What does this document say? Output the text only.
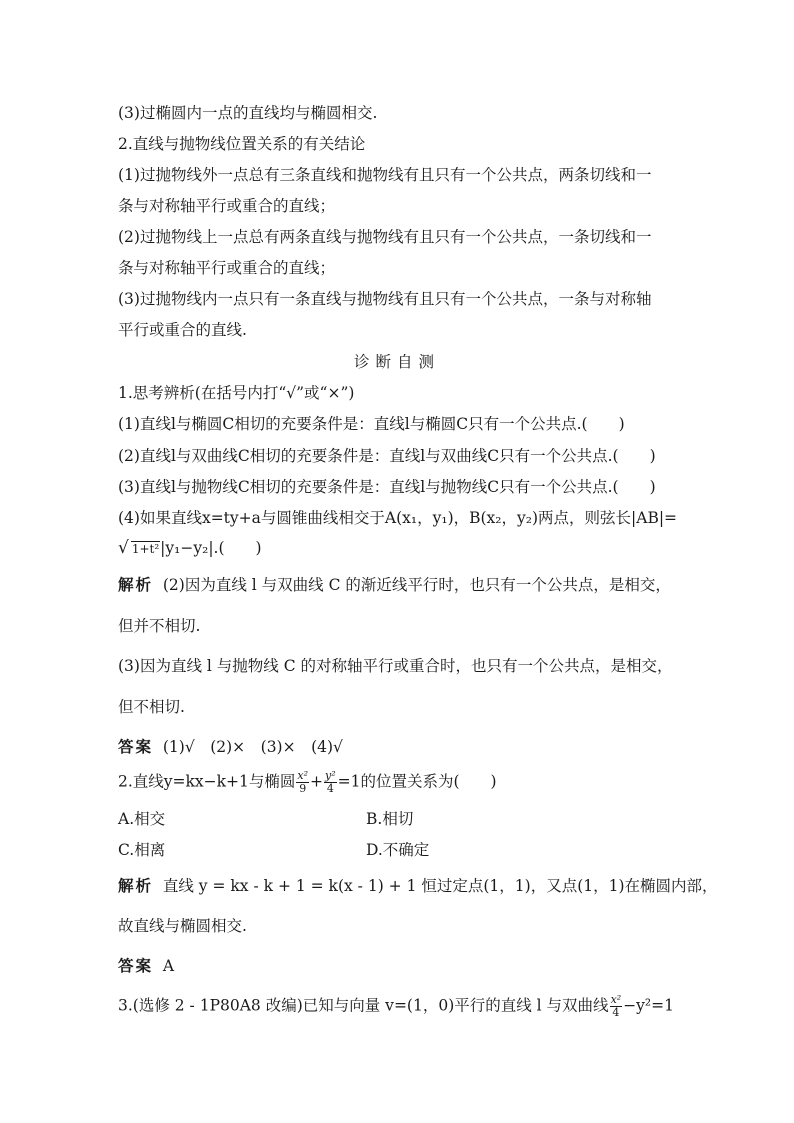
(3)过椭圆内一点的直线均与椭圆相交.
2.直线与抛物线位置关系的有关结论
(1)过抛物线外一点总有三条直线和抛物线有且只有一个公共点，两条切线和一
条与对称轴平行或重合的直线；
(2)过抛物线上一点总有两条直线与抛物线有且只有一个公共点，一条切线和一
条与对称轴平行或重合的直线；
(3)过抛物线内一点只有一条直线与抛物线有且只有一个公共点，一条与对称轴
平行或重合的直线.
诊断自测
1.思考辨析(在括号内打“√”或“×”)
(1)直线l与椭圆C相切的充要条件是：直线l与椭圆C只有一个公共点.(　　)
(2)直线l与双曲线C相切的充要条件是：直线l与双曲线C只有一个公共点.(　　)
(3)直线l与抛物线C相切的充要条件是：直线l与抛物线C只有一个公共点.(　　)
(4)如果直线x=ty+a与圆锥曲线相交于A(x₁，y₁)，B(x₂，y₂)两点，则弦长|AB|=
√ 1+t²|y₁−y₂|.(　　)
解析 (2)因为直线 l 与双曲线 C 的渐近线平行时，也只有一个公共点，是相交，
但并不相切.
(3)因为直线 l 与抛物线 C 的对称轴平行或重合时，也只有一个公共点，是相交，
但不相切.
答案 (1)√　(2)×　(3)×　(4)√
2.直线y=kx−k+1与椭圆 $\frac{\text{x²}}{9} + \frac{\text{y²}}{4} =1$的位置关系为(　　)
A.相交	B.相切
C.相离	D.不确定
解析 直线 y = kx - k + 1 = k(x - 1) + 1 恒过定点(1，1)，又点(1，1)在椭圆内部，
故直线与椭圆相交.
答案 A
3.(选修 2 - 1P80A8 改编)已知与向量 v=(1，0)平行的直线 l 与双曲线 $\frac{\text{x²}}{4} -y^2=1$
